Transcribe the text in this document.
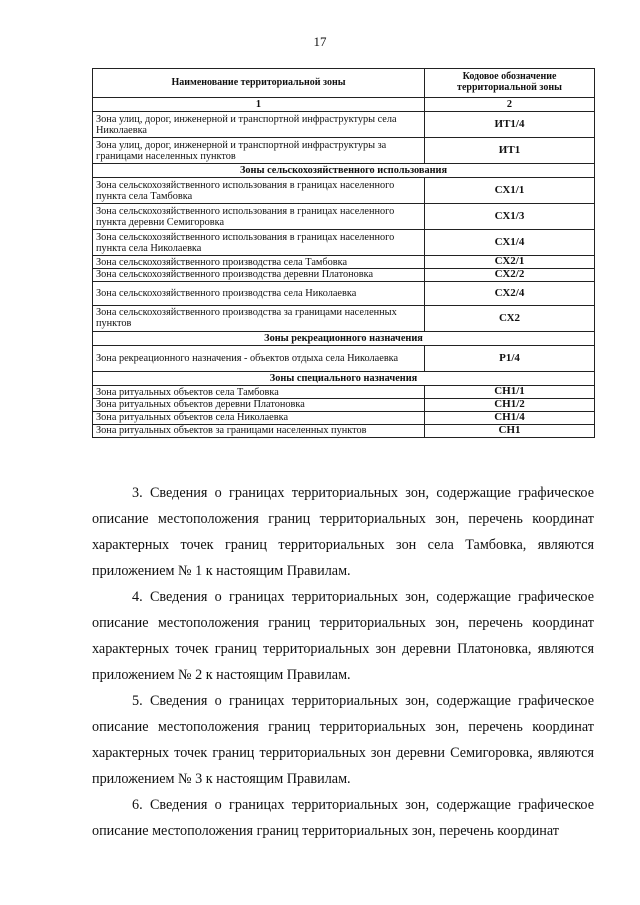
17
Наименование территориальной зоны	Кодовое обозначение территориальной зоны
1	2
Зона улиц, дорог, инженерной и транспортной инфраструктуры села Николаевка	ИТ1/4
Зона улиц, дорог, инженерной и транспортной инфраструктуры за границами населенных пунктов	ИТ1
Зоны сельскохозяйственного использования	
Зона сельскохозяйственного использования в границах населенного пункта села Тамбовка	СХ1/1
Зона сельскохозяйственного использования в границах населенного пункта деревни Семигоровка	СХ1/3
Зона сельскохозяйственного использования в границах населенного пункта села Николаевка	СХ1/4
Зона сельскохозяйственного производства села Тамбовка	СХ2/1
Зона сельскохозяйственного производства деревни Платоновка	СХ2/2
Зона сельскохозяйственного производства села Николаевка	СХ2/4
Зона сельскохозяйственного производства за границами населенных пунктов	СХ2
Зоны рекреационного назначения	
Зона рекреационного назначения - объектов отдыха села Николаевка	Р1/4
Зоны специального назначения	
Зона ритуальных объектов села Тамбовка	СН1/1
Зона ритуальных объектов деревни Платоновка	СН1/2
Зона ритуальных объектов села Николаевка	СН1/4
Зона ритуальных объектов за границами населенных пунктов	СН1

3. Сведения о границах территориальных зон, содержащие графическое описание местоположения границ территориальных зон, перечень координат характерных точек границ территориальных зон села Тамбовка, являются приложением № 1 к настоящим Правилам.

4. Сведения о границах территориальных зон, содержащие графическое описание местоположения границ территориальных зон, перечень координат характерных точек границ территориальных зон деревни Платоновка, являются приложением № 2 к настоящим Правилам.

5. Сведения о границах территориальных зон, содержащие графическое описание местоположения границ территориальных зон, перечень координат характерных точек границ территориальных зон деревни Семигоровка, являются приложением № 3 к настоящим Правилам.

6. Сведения о границах территориальных зон, содержащие графическое описание местоположения границ территориальных зон, перечень координат
